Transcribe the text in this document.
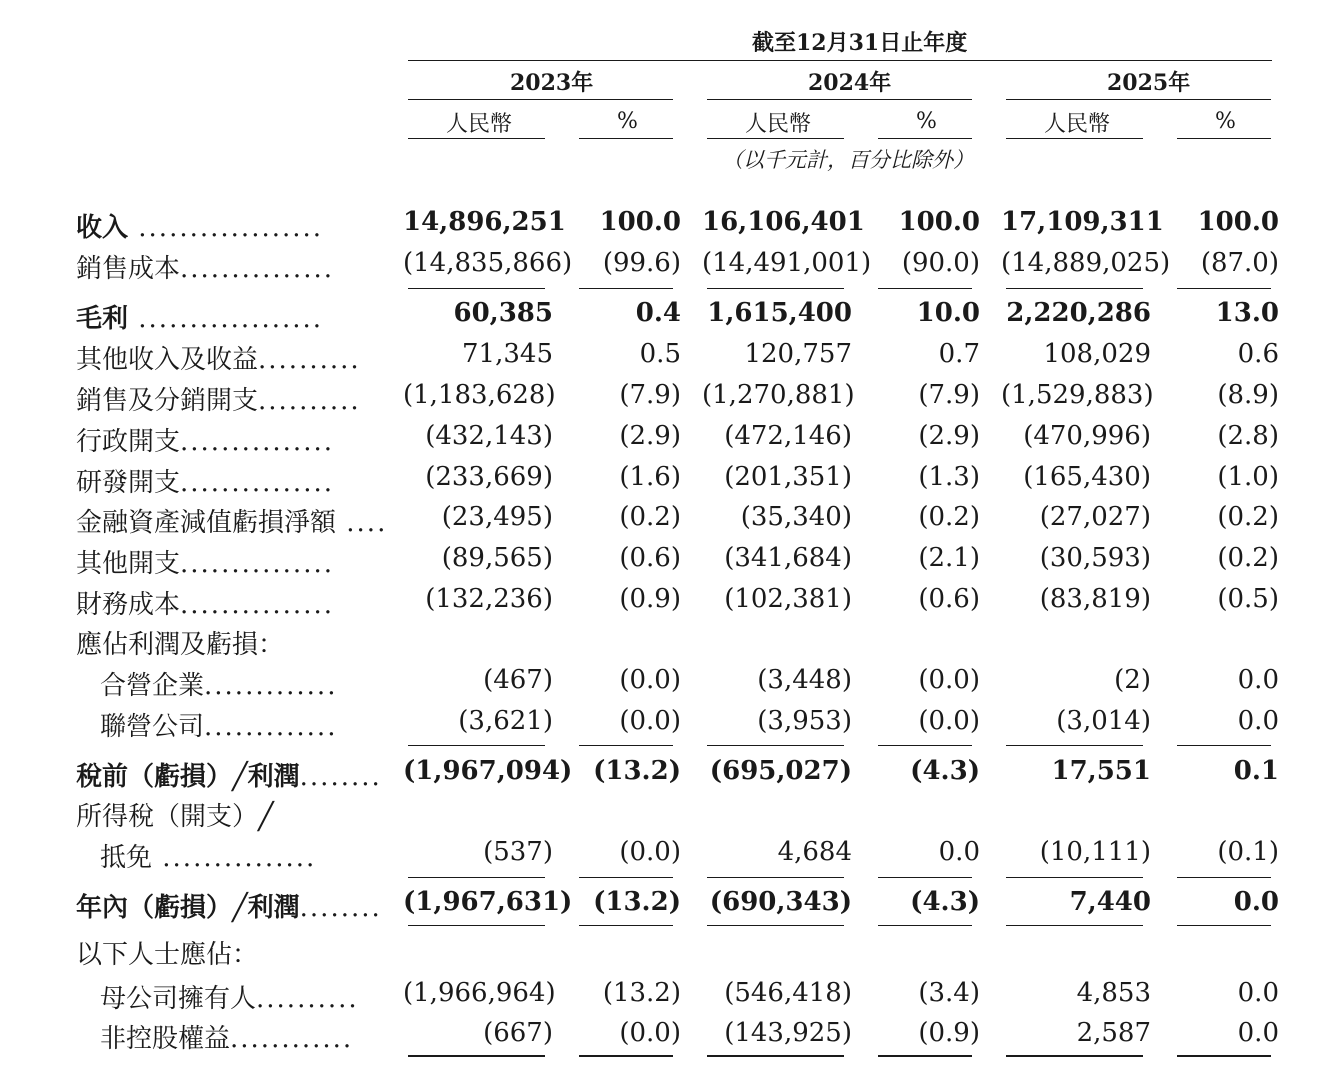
截至12月31日止年度
2023年	2024年	2025年
人民幣	%	人民幣	%	人民幣	%
（以千元計，百分比除外）
收入 ..................	14,896,251	100.0 16,106,401	100.0 17,109,311	100.0
銷售成本...............	(14,835,866)	(99.6) (14,491,001)	(90.0) (14,889,025)	(87.0)
毛利 ..................	60,385	0.4 1,615,400	10.0 2,220,286	13.0
其他收入及收益..........	71,345	0.5	120,757	0.7	108,029	0.6
銷售及分銷開支.......... (1,183,628)	(7.9) (1,270,881)	(7.9) (1,529,883)	(8.9)
行政開支...............	(432,143)	(2.9)	(472,146)	(2.9)	(470,996)	(2.8)
研發開支...............	(233,669)	(1.6)	(201,351)	(1.3)	(165,430)	(1.0)
金融資產減值虧損淨額 ....	(23,495)	(0.2)	(35,340)	(0.2)	(27,027)	(0.2)
其他開支...............	(89,565)	(0.6)	(341,684)	(2.1)	(30,593)	(0.2)
財務成本...............	(132,236)	(0.9)	(102,381)	(0.6)	(83,819)	(0.5)
應佔利潤及虧損：
合營企業.............	(467)	(0.0)	(3,448)	(0.0)	(2)	0.0
聯營公司.............	(3,621)	(0.0)	(3,953)	(0.0)	(3,014)	0.0
稅前（虧損）╱利潤........ (1,967,094) (13.2) (695,027)	(4.3)	17,551	0.1
所得稅（開支）╱
抵免 ...............	(537)	(0.0)	4,684	0.0	(10,111)	(0.1)
年內（虧損）╱利潤........ (1,967,631) (13.2) (690,343)	(4.3)	7,440	0.0
以下人士應佔：
母公司擁有人.......... (1,966,964)	(13.2)	(546,418)	(3.4)	4,853	0.0
非控股權益............	(667)	(0.0)	(143,925)	(0.9)	2,587	0.0
